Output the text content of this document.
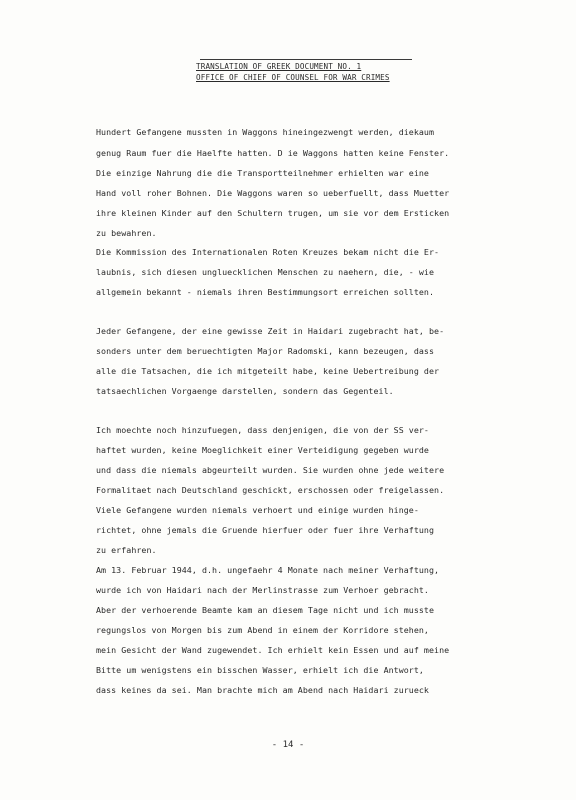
TRANSLATION OF GREEK DOCUMENT NO. 1
OFFICE OF CHIEF OF COUNSEL FOR WAR CRIMES
Hundert Gefangene mussten in Waggons hineingezwengt werden, diekaum
genug Raum fuer die Haelfte hatten. D ie Waggons hatten keine Fenster.
Die einzige Nahrung die die Transportteilnehmer erhielten war eine
Hand voll roher Bohnen. Die Waggons waren so ueberfuellt, dass Muetter
ihre kleinen Kinder auf den Schultern trugen, um sie vor dem Ersticken
zu bewahren.
Die Kommission des Internationalen Roten Kreuzes bekam nicht die Er-
laubnis, sich diesen ungluecklichen Menschen zu naehern, die, - wie
allgemein bekannt - niemals ihren Bestimmungsort erreichen sollten.
Jeder Gefangene, der eine gewisse Zeit in Haidari zugebracht hat, be-
sonders unter dem beruechtigten Major Radomski, kann bezeugen, dass
alle die Tatsachen, die ich mitgeteilt habe, keine Uebertreibung der
tatsaechlichen Vorgaenge darstellen, sondern das Gegenteil.
Ich moechte noch hinzufuegen, dass denjenigen, die von der SS ver-
haftet wurden, keine Moeglichkeit einer Verteidigung gegeben wurde
und dass die niemals abgeurteilt wurden. Sie wurden ohne jede weitere
Formalitaet nach Deutschland geschickt, erschossen oder freigelassen.
Viele Gefangene wurden niemals verhoert und einige wurden hinge-
richtet, ohne jemals die Gruende hierfuer oder fuer ihre Verhaftung
zu erfahren.
Am 13. Februar 1944, d.h. ungefaehr 4 Monate nach meiner Verhaftung,
wurde ich von Haidari nach der Merlinstrasse zum Verhoer gebracht.
Aber der verhoerende Beamte kam an diesem Tage nicht und ich musste
regungslos von Morgen bis zum Abend in einem der Korridore stehen,
mein Gesicht der Wand zugewendet. Ich erhielt kein Essen und auf meine
Bitte um wenigstens ein bisschen Wasser, erhielt ich die Antwort,
dass keines da sei. Man brachte mich am Abend nach Haidari zurueck
- 14 -
